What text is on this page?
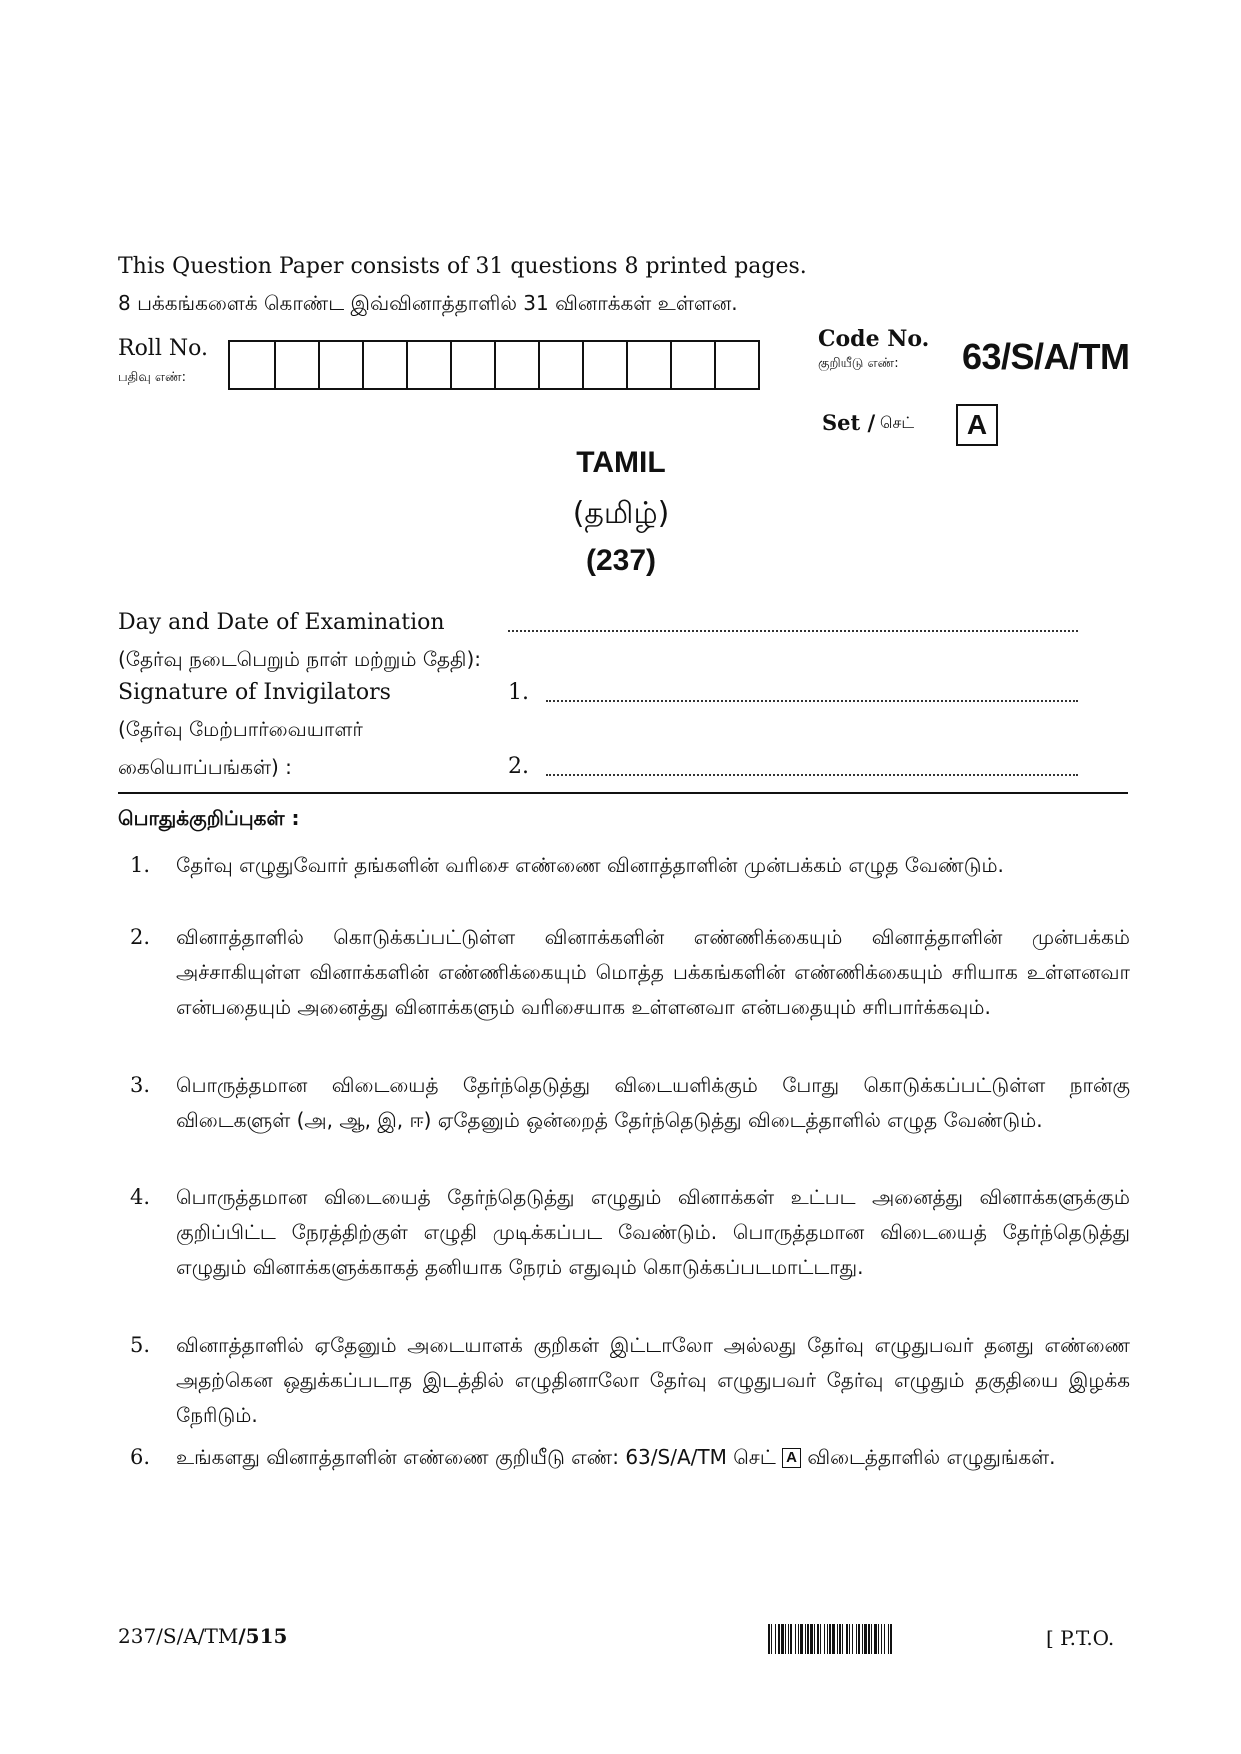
This Question Paper consists of 31 questions 8 printed pages.
8 பக்கங்களைக் கொண்ட இவ்வினாத்தாளில் 31 வினாக்கள் உள்ளன.
Roll No.
பதிவு எண்:
Code No.
குறியீடு எண்: 63/S/A/TM
Set / செட்	A
TAMIL
(தமிழ்)
(237)
Day and Date of Examination
(தேர்வு நடைபெறும் நாள் மற்றும் தேதி):
Signature of Invigilators	1.
(தேர்வு மேற்பார்வையாளர்
கையொப்பங்கள்) :	2.
பொதுக்குறிப்புகள் :
1.	தேர்வு எழுதுவோர் தங்களின் வரிசை எண்ணை வினாத்தாளின் முன்பக்கம் எழுத வேண்டும்.
2.	வினாத்தாளில் கொடுக்கப்பட்டுள்ள வினாக்களின் எண்ணிக்கையும் வினாத்தாளின் முன்பக்கம் அச்சாகியுள்ள வினாக்களின் எண்ணிக்கையும் மொத்த பக்கங்களின் எண்ணிக்கையும் சரியாக உள்ளனவா என்பதையும் அனைத்து வினாக்களும் வரிசையாக உள்ளனவா என்பதையும் சரிபார்க்கவும்.
3.	பொருத்தமான விடையைத் தேர்ந்தெடுத்து விடையளிக்கும் போது கொடுக்கப்பட்டுள்ள நான்கு விடைகளுள் (அ, ஆ, இ, ஈ) ஏதேனும் ஒன்றைத் தேர்ந்தெடுத்து விடைத்தாளில் எழுத வேண்டும்.
4.	பொருத்தமான விடையைத் தேர்ந்தெடுத்து எழுதும் வினாக்கள் உட்பட அனைத்து வினாக்களுக்கும் குறிப்பிட்ட நேரத்திற்குள் எழுதி முடிக்கப்பட வேண்டும். பொருத்தமான விடையைத் தேர்ந்தெடுத்து எழுதும் வினாக்களுக்காகத் தனியாக நேரம் எதுவும் கொடுக்கப்படமாட்டாது.
5.	வினாத்தாளில் ஏதேனும் அடையாளக் குறிகள் இட்டாலோ அல்லது தேர்வு எழுதுபவர் தனது எண்ணை அதற்கென ஒதுக்கப்படாத இடத்தில் எழுதினாலோ தேர்வு எழுதுபவர் தேர்வு எழுதும் தகுதியை இழக்க நேரிடும்.
6.	உங்களது வினாத்தாளின் எண்ணை குறியீடு எண்: 63/S/A/TM செட் A விடைத்தாளில் எழுதுங்கள்.
237/S/A/TM/515	[ P.T.O.
